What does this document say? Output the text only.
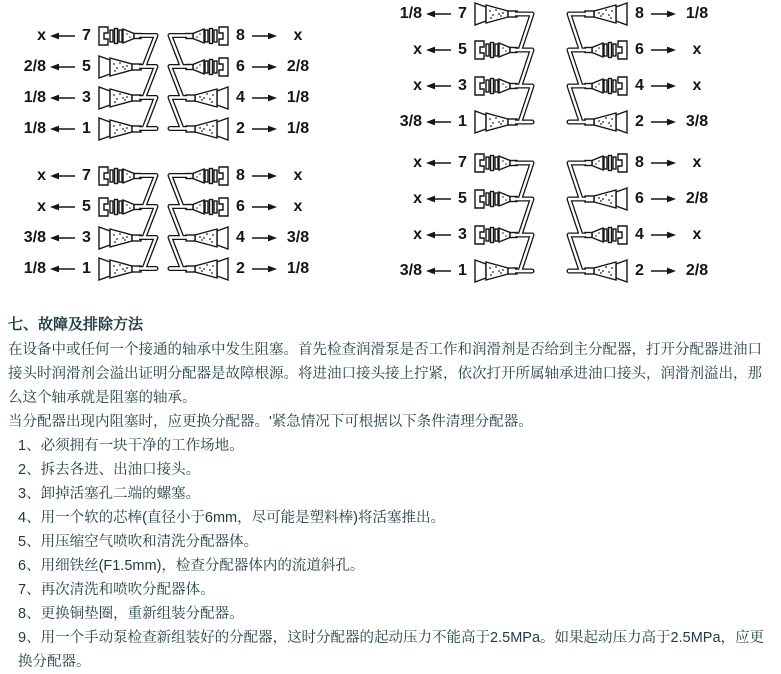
x 7
2/8 5
1/8 3
1/8 1
8	x
6	2/8
4	1/8
2	1/8
x 7
x 5
3/8 3
1/8 1
8	x
6	x
4	3/8
2	1/8
1/8 7
x 5
x 3
3/8 1
8	1/8
6	x
4	x
2	3/8
x 7
x 5
x 3
3/8 1
8	x
6	2/8
4	x
2	2/8
七、故障及排除方法
在设备中或任何一个接通的轴承中发生阻塞。首先检查润滑泵是否工作和润滑剂是否给到主分配器，打开分配器进油口接头时润滑剂会溢出证明分配器是故障根源。将进油口接头接上拧紧，依次打开所属轴承进油口接头，润滑剂溢出，那么这个轴承就是阻塞的轴承。
当分配器出现内阻塞时，应更换分配器。'紧急情况下可根据以下条件清理分配器。
1、必须拥有一块干净的工作场地。
2、拆去各进、出油口接头。
3、卸掉活塞孔二端的螺塞。
4、用一个软的芯棒(直径小于6mm，尽可能是塑料棒)将活塞推出。
5、用压缩空气喷吹和清洗分配器体。
6、用细铁丝(F1.5mm)，检查分配器体内的流道斜孔。
7、再次清洗和喷吹分配器体。
8、更换铜垫圈，重新组装分配器。
9、用一个手动泵检查新组装好的分配器，这时分配器的起动压力不能高于2.5MPa。如果起动压力高于2.5MPa，应更换分配器。
